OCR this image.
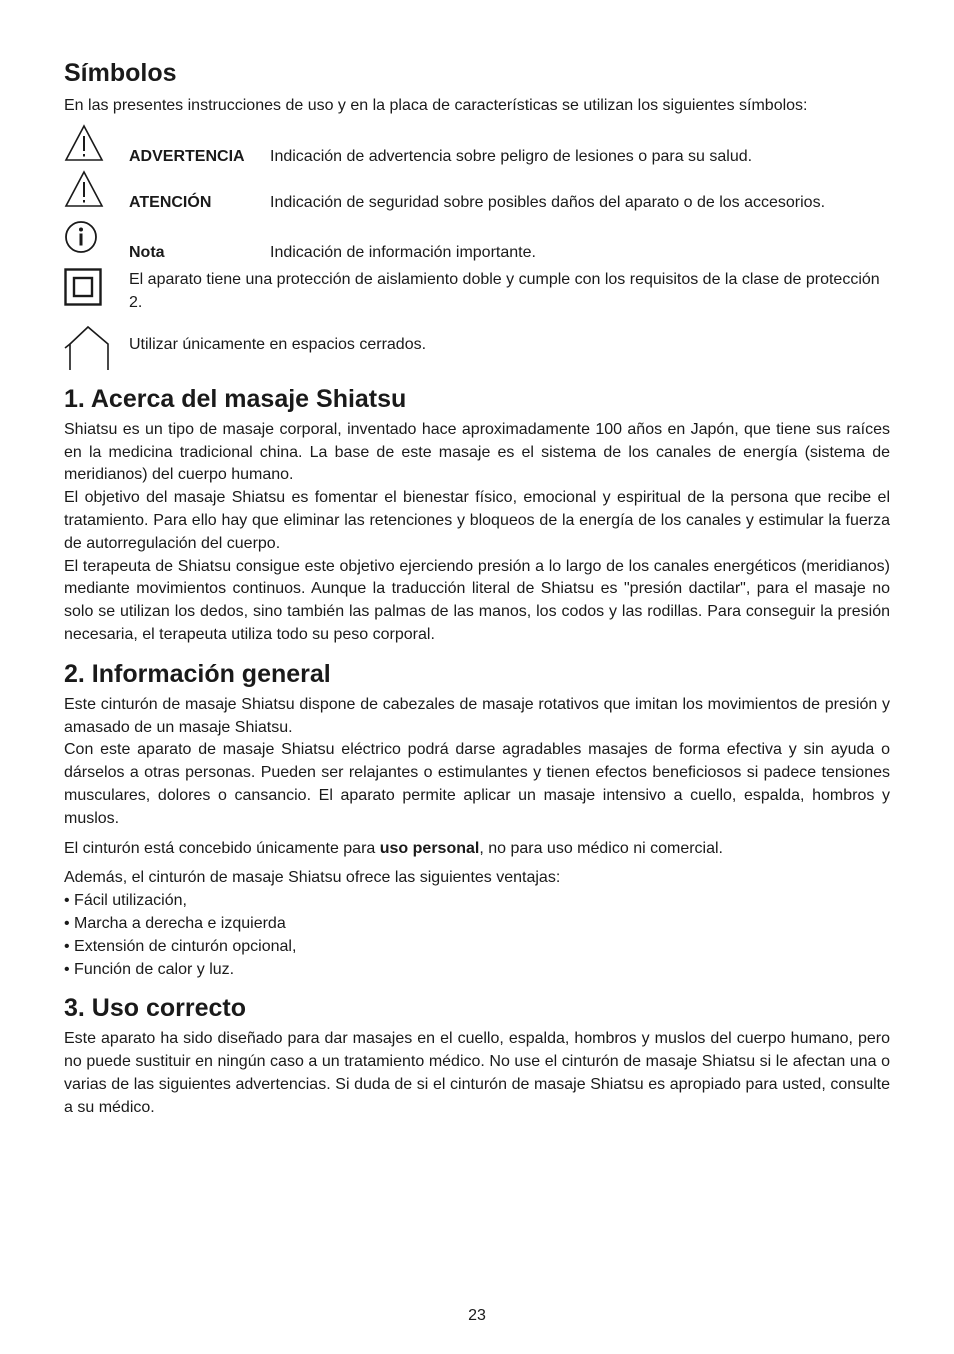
Símbolos

En las presentes instrucciones de uso y en la placa de características se utilizan los siguientes símbolos:

ADVERTENCIA Indicación de advertencia sobre peligro de lesiones o para su salud.
ATENCIÓN	Indicación de seguridad sobre posibles daños del aparato o de los accesorios.
Nota	Indicación de información importante.

El aparato tiene una protección de aislamiento doble y cumple con los requisitos de la clase de protección 2.

Utilizar únicamente en espacios cerrados.
1. Acerca del masaje Shiatsu

Shiatsu es un tipo de masaje corporal, inventado hace aproximadamente 100 años en Japón, que tiene sus raíces en la medicina tradicional china. La base de este masaje es el sistema de los canales de energía (sistema de meridianos) del cuerpo humano.

El objetivo del masaje Shiatsu es fomentar el bienestar físico, emocional y espiritual de la persona que recibe el tratamiento. Para ello hay que eliminar las retenciones y bloqueos de la energía de los canales y estimular la fuerza de autorregulación del cuerpo.

El terapeuta de Shiatsu consigue este objetivo ejerciendo presión a lo largo de los canales energéticos (meridianos) mediante movimientos continuos. Aunque la traducción literal de Shiatsu es "presión dactilar", para el masaje no solo se utilizan los dedos, sino también las palmas de las manos, los codos y las rodillas. Para conseguir la presión necesaria, el terapeuta utiliza todo su peso corporal.

2. Información general

Este cinturón de masaje Shiatsu dispone de cabezales de masaje rotativos que imitan los movimientos de presión y amasado de un masaje Shiatsu.

Con este aparato de masaje Shiatsu eléctrico podrá darse agradables masajes de forma efectiva y sin ayuda o dárselos a otras personas. Pueden ser relajantes o estimulantes y tienen efectos beneficiosos si padece tensiones musculares, dolores o cansancio. El aparato permite aplicar un masaje intensivo a cuello, espalda, hombros y muslos.

El cinturón está concebido únicamente para uso personal, no para uso médico ni comercial.

Además, el cinturón de masaje Shiatsu ofrece las siguientes ventajas:

• Fácil utilización,
• Marcha a derecha e izquierda
• Extensión de cinturón opcional,
• Función de calor y luz.
3. Uso correcto

Este aparato ha sido diseñado para dar masajes en el cuello, espalda, hombros y muslos del cuerpo humano, pero no puede sustituir en ningún caso a un tratamiento médico. No use el cinturón de masaje Shiatsu si le afectan una o varias de las siguientes advertencias. Si duda de si el cinturón de masaje Shiatsu es apropiado para usted, consulte a su médico.

23
